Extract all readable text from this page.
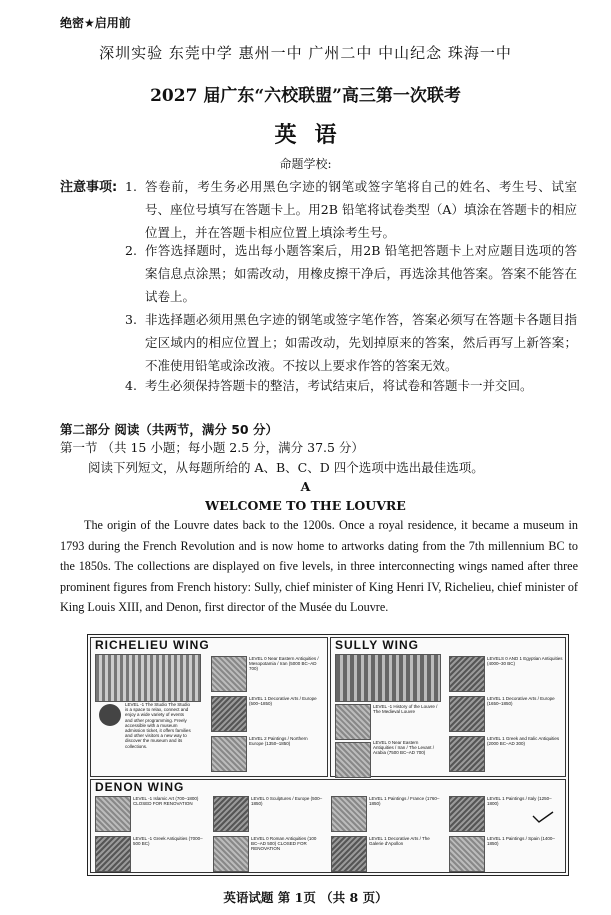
绝密★启用前
深圳实验 东莞中学 惠州一中 广州二中 中山纪念 珠海一中
2027 届广东“六校联盟”高三第一次联考
英语
命题学校:
注意事项: 1. 答卷前，考生务必用黑色字迹的钢笔或签字笔将自己的姓名、考生号、试室号、座位号填写在答题卡上。用2B 铅笔将试卷类型（A）填涂在答题卡的相应位置上，并在答题卡相应位置上填涂考生号。
2. 作答选择题时，选出每小题答案后，用2B 铅笔把答题卡上对应题目选项的答案信息点涂黑；如需改动，用橡皮擦干净后，再选涂其他答案。答案不能答在试卷上。
3. 非选择题必须用黑色字迹的钢笔或签字笔作答，答案必须写在答题卡各题目指定区域内的相应位置上；如需改动，先划掉原来的答案，然后再写上新答案；不准使用铅笔或涂改液。不按以上要求作答的答案无效。
4. 考生必须保持答题卡的整洁，考试结束后，将试卷和答题卡一并交回。
第二部分 阅读（共两节，满分 50 分）
第一节 （共 15 小题；每小题 2.5 分，满分 37.5 分）
阅读下列短文，从每题所给的 A、B、C、D 四个选项中选出最佳选项。
A
WELCOME TO THE LOUVRE
The origin of the Louvre dates back to the 1200s. Once a royal residence, it became a museum in 1793 during the French Revolution and is now home to artworks dating from the 7th millennium BC to the 1850s. The collections are displayed on five levels, in three interconnecting wings named after three prominent figures from French history: Sully, chief minister of King Henri IV, Richelieu, chief minister of King Louis XIII, and Denon, first director of the Musée du Louvre.
RICHELIEU WING
LEVEL 0 Near Eastern Antiquities / Mesopotamia / Iran (5000 BC–AD 700)
LEVEL -1 The Studio The Studio is a space to relax, connect and enjoy a wide variety of events and other programming. Freely accessible with a museum admission ticket, it offers families and other visitors a new way to discover the museum and its collections.
LEVEL 1 Decorative Arts / Europe (500–1850)
LEVEL 2 Paintings / Northern Europe (1350–1850)
SULLY WING
LEVELS 0 AND 1 Egyptian Antiquities (4000–30 BC)
LEVEL -1 History of the Louvre / The Medieval Louvre
LEVEL 1 Decorative Arts / Europe (1650–1850)
LEVEL 0 Near Eastern Antiquities / Iran / The Levant / Arabia (7500 BC–AD 700)
LEVEL 1 Greek and Italic Antiquities (2000 BC–AD 300)
DENON WING
LEVEL -1 Islamic Art (700–1800) CLOSED FOR RENOVATION
LEVEL 0 Sculptures / Europe (500–1850)
LEVEL 1 Paintings / France (1760–1850)
LEVEL 1 Paintings / Italy (1250–1800)
LEVEL -1 Greek Antiquities (7000–500 BC)
LEVEL 0 Roman Antiquities (100 BC–AD 500) CLOSED FOR RENOVATION
LEVEL 1 Decorative Arts / The Galerie d'Apollon
LEVEL 1 Paintings / Spain (1400–1850)
英语试题 第 1页 （共 8 页）
